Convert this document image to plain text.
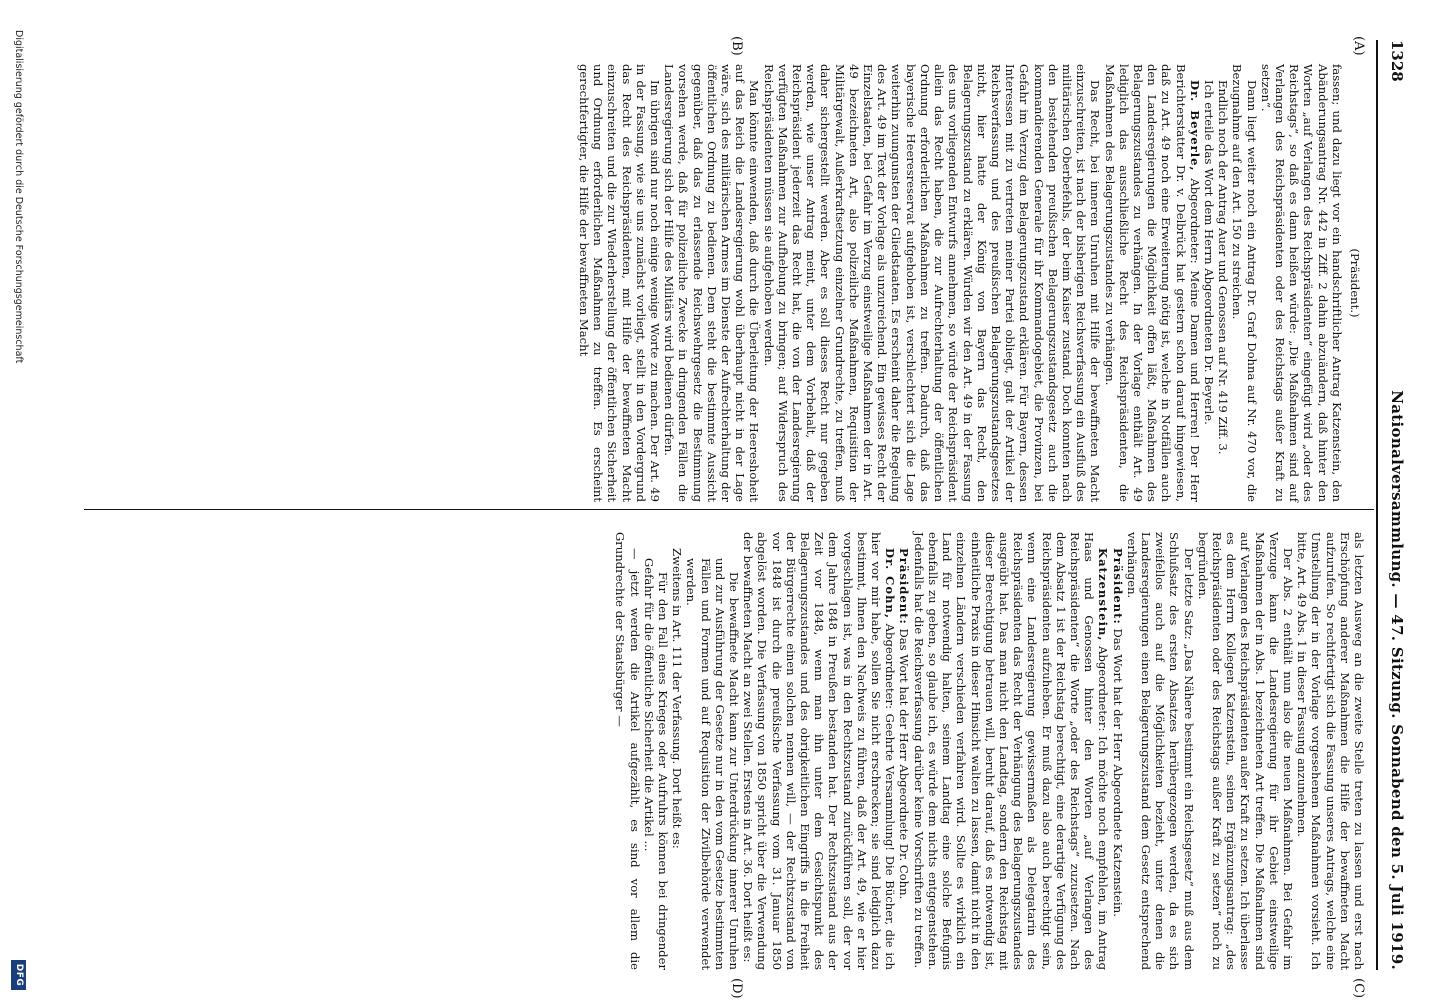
1328
Nationalversammlung. — 47. Sitzung. Sonnabend den 5. Juli 1919.
(A)
(B)
(C)
(D)

(Präsident.)

fassen; und dazu liegt vor ein handschriftlicher Antrag Katzenstein, den Abänderungsantrag Nr. 442 in Ziff. 2 dahin abzuändern, daß hinter den Worten „auf Verlangen des Reichspräsidenten“ eingefügt wird „oder des Reichstags“, so daß es dann heißen würde: „Die Maßnahmen sind auf Verlangen des Reichspräsidenten oder des Reichstags außer Kraft zu setzen“.

Dann liegt weiter noch ein Antrag Dr. Graf Dohna auf Nr. 470 vor, die Bezugnahme auf den Art. 150 zu streichen.

Endlich noch der Antrag Auer und Genossen auf Nr. 419 Ziff. 3.

Ich erteile das Wort dem Herrn Abgeordneten Dr. Beyerle.

Dr. Beyerle, Abgeordneter: Meine Damen und Herren! Der Herr Berichterstatter Dr. v. Delbrück hat gestern schon darauf hingewiesen, daß zu Art. 49 noch eine Erweiterung nötig ist, welche in Notfällen auch den Landesregierungen die Möglichkeit offen läßt, Maßnahmen des Belagerungszustandes zu verhängen. In der Vorlage enthält Art. 49 lediglich das ausschließliche Recht des Reichspräsidenten, die Maßnahmen des Belagerungszustandes zu verhängen.

Das Recht, bei inneren Unruhen mit Hilfe der bewaffneten Macht einzuschreiten, ist nach der bisherigen Reichsverfassung ein Ausfluß des militärischen Oberbefehls, der beim Kaiser zustand. Doch konnten nach den bestehenden preußischen Belagerungszustandsgesetz auch die kommandierenden Generale für ihr Kommandogebiet, die Provinzen, bei Gefahr im Verzug den Belagerungszustand erklären. Für Bayern, dessen Interessen mit zu vertreten meiner Partei obliegt, galt der Artikel der Reichsverfassung und des preußischen Belagerungszustandsgesetzes nicht, hier hatte der König von Bayern das Recht, den Belagerungszustand zu erklären. Würden wir den Art. 49 in der Fassung des uns vorliegenden Entwurfs annehmen, so würde der Reichspräsident allein das Recht haben, die zur Aufrechterhaltung der öffentlichen Ordnung erforderlichen Maßnahmen zu treffen. Dadurch, daß das bayerische Heeresreservat aufgehoben ist, verschlechtert sich die Lage weiterhin zuungunsten der Gliedstaaten. Es erscheint daher die Regelung des Art. 49 im Text der Vorlage als unzureichend. Ein gewisses Recht der Einzelstaaten, bei Gefahr im Verzug einstweilige Maßnahmen der in Art. 49 bezeichneten Art, also polizeiliche Maßnahmen, Requisition der Militärgewalt, Außerkraftsetzung einzelner Grundrechte, zu treffen, muß daher sichergestellt werden. Aber es soll dieses Recht nur gegeben werden, wie unser Antrag meint, unter dem Vorbehalt, daß der Reichspräsident jederzeit das Recht hat, die von der Landesregierung verfügten Maßnahmen zur Aufhebung zu bringen; auf Widerspruch des Reichspräsidenten müssen sie aufgehoben werden.

Man könnte einwenden, daß durch die Überleitung der Heereshoheit auf das Reich die Landesregierung wohl überhaupt nicht in der Lage wäre, sich des militärischen Armes im Dienste der Aufrechterhaltung der öffentlichen Ordnung zu bedienen. Dem steht die bestimmte Aussicht gegenüber, daß das zu erlassende Reichswehrgesetz die Bestimmung vorsehen werde, daß für polizeiliche Zwecke in dringenden Fällen die Landesregierung sich der Hilfe des Militärs wird bedienen dürfen.

Im übrigen sind nur noch einige wenige Worte zu machen. Der Art. 49 in der Fassung, wie sie uns zunächst vorliegt, stellt in den Vordergrund das Recht des Reichspräsidenten, mit Hilfe der bewaffneten Macht einzuschreiten und die zur Wiederherstellung der öffentlichen Sicherheit und Ordnung erforderlichen Maßnahmen zu treffen. Es erscheint gerechtfertigter, die Hilfe der bewaffneten Macht

als letzten Ausweg an die zweite Stelle treten zu lassen und erst nach Erschöpfung anderer Maßnahmen die Hilfe der bewaffneten Macht aufzurufen. So rechtfertigt sich die Fassung unseres Antrags, welche eine Umstellung der in der Vorlage vorgesehenen Maßnahmen vorsieht. Ich bitte, Art. 49 Abs. 1 in dieser Fassung anzunehmen.

Der Abs. 2 enthält nun also die neuen Maßnahmen. Bei Gefahr im Verzuge kann die Landesregierung für ihr Gebiet einstweilige Maßnahmen der in Abs. 1 bezeichneten Art treffen. Die Maßnahmen sind auf Verlangen des Reichspräsidenten außer Kraft zu setzen. Ich überlasse es dem Herrn Kollegen Katzenstein, seinen Ergänzungsantrag: „des Reichspräsidenten oder des Reichstags außer Kraft zu setzen“ noch zu begründen.

Der letzte Satz: „Das Nähere bestimmt ein Reichsgesetz“ muß aus dem Schlußsatz des ersten Absatzes herübergezogen werden, da es sich zweifellos auch auf die Möglichkeiten bezieht, unter denen die Landesregierungen einen Belagerungszustand dem Gesetz entsprechend verhängen.

Präsident: Das Wort hat der Herr Abgeordnete Katzenstein.

Katzenstein, Abgeordneter: Ich möchte noch empfehlen, im Antrag Haas und Genossen hinter den Worten „auf Verlangen des Reichspräsidenten“ die Worte „oder des Reichstags“ zuzusetzen. Nach dem Absatz 1 ist der Reichstag berechtigt, eine derartige Verfügung des Reichspräsidenten aufzuheben. Er muß dazu also auch berechtigt sein, wenn eine Landesregierung gewissermaßen als Delegatarin des Reichspräsidenten das Recht der Verhängung des Belagerungszustandes ausgeübt hat. Das man nicht den Landtag, sondern den Reichstag mit dieser Berechtigung betrauen will, beruht darauf, daß es notwendig ist, einheitliche Praxis in dieser Hinsicht walten zu lassen, damit nicht in den einzelnen Ländern verschieden verfahren wird. Sollte es wirklich ein Land für notwendig halten, seinem Landtag eine solche Befugnis ebenfalls zu geben, so glaube ich, es würde dem nichts entgegenstehen. Jedenfalls hat die Reichsverfassung darüber keine Vorschriften zu treffen.

Präsident: Das Wort hat der Herr Abgeordnete Dr. Cohn.

Dr. Cohn, Abgeordneter: Geehrte Versammlung! Die Bücher, die ich hier vor mir habe, sollen Sie nicht erschrecken; sie sind lediglich dazu bestimmt, Ihnen den Nachweis zu führen, daß der Art. 49, wie er hier vorgeschlagen ist, was in den Rechtszustand zurückführen soll, der vor dem Jahre 1848 in Preußen bestanden hat. Der Rechtszustand aus der Zeit vor 1848, wenn man ihn unter dem Gesichtspunkt des Belagerungszustandes und des obrigkeitlichen Eingriffs in die Freiheit der Bürgerrechte einen solchen nennen will, — der Rechtszustand von vor 1848 ist durch die preußische Verfassung vom 31. Januar 1850 abgelöst worden. Die Verfassung von 1850 spricht über die Verwendung der bewaffneten Macht an zwei Stellen. Erstens in Art. 36. Dort heißt es:

Die bewaffnete Macht kann zur Unterdrückung innerer Unruhen und zur Ausführung der Gesetze nur in den vom Gesetze bestimmten Fällen und Formen und auf Requisition der Zivilbehörde verwendet werden.

Zweitens in Art. 111 der Verfassung. Dort heißt es:

Für den Fall eines Krieges oder Aufruhrs können bei dringender Gefahr für die öffentliche Sicherheit die Artikel ...

— jetzt werden die Artikel aufgezählt, es sind vor allem die Grundrechte der Staatsbürger —

Digitalisierung gefördert durch die Deutsche Forschungsgemeinschaft
DFG
